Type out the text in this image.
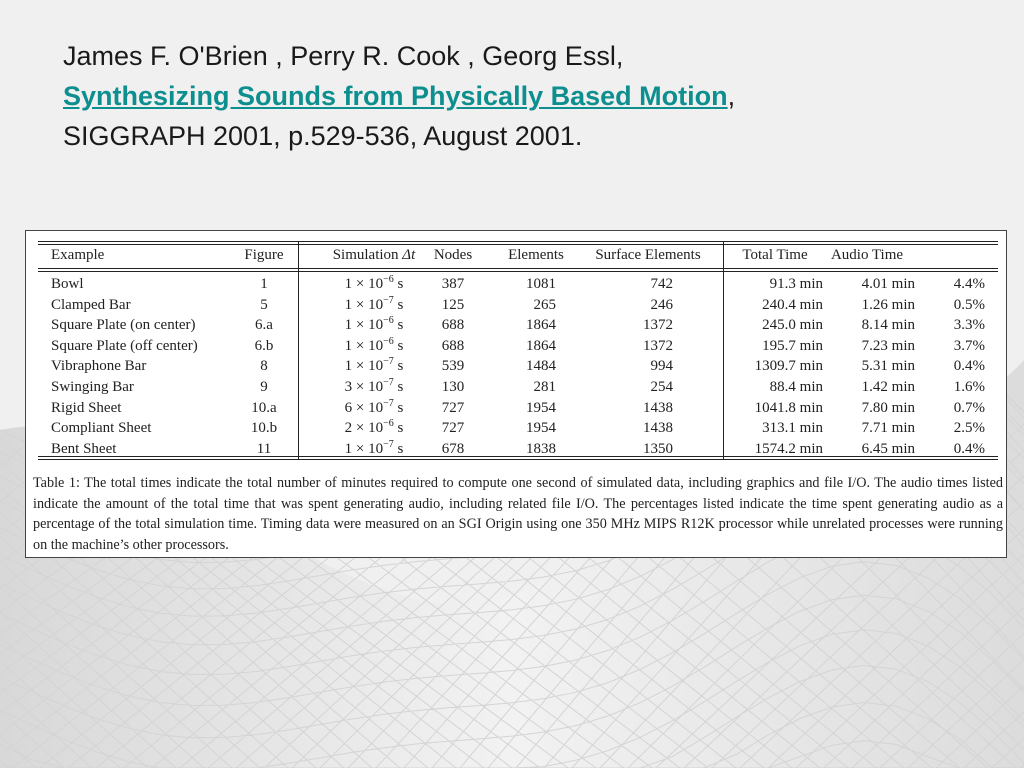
James F. O'Brien , Perry R. Cook , Georg Essl,
Synthesizing Sounds from Physically Based Motion,
SIGGRAPH 2001, p.529-536, August 2001.
Example	Figure	Simulation Δt	Nodes	Elements	Surface Elements	Total Time	Audio Time
Bowl	1	$1 \times 10^{-6}$ s	387	1081	742	91.3 min	4.01 min	4.4%
Clamped Bar	5	$1 \times 10^{-7}$ s	125	265	246	240.4 min	1.26 min	0.5%
Square Plate (on center)	6.a	$1 \times 10^{-6}$ s	688	1864	1372	245.0 min	8.14 min	3.3%
Square Plate (off center)	6.b	$1 \times 10^{-6}$ s	688	1864	1372	195.7 min	7.23 min	3.7%
Vibraphone Bar	8	$1 \times 10^{-7}$ s	539	1484	994	1309.7 min	5.31 min	0.4%
Swinging Bar	9	$3 \times 10^{-7}$ s	130	281	254	88.4 min	1.42 min	1.6%
Rigid Sheet	10.a	$6 \times 10^{-7}$ s	727	1954	1438	1041.8 min	7.80 min	0.7%
Compliant Sheet	10.b	$2 \times 10^{-6}$ s	727	1954	1438	313.1 min	7.71 min	2.5%
Bent Sheet	11	$1 \times 10^{-7}$ s	678	1838	1350	1574.2 min	6.45 min	0.4%
Table 1: The total times indicate the total number of minutes required to compute one second of simulated data, including graphics and file I/O. The audio times listed indicate the amount of the total time that was spent generating audio, including related file I/O. The percentages listed indicate the time spent generating audio as a percentage of the total simulation time. Timing data were measured on an SGI Origin using one 350 MHz MIPS R12K processor while unrelated processes were running on the machine’s other processors.
